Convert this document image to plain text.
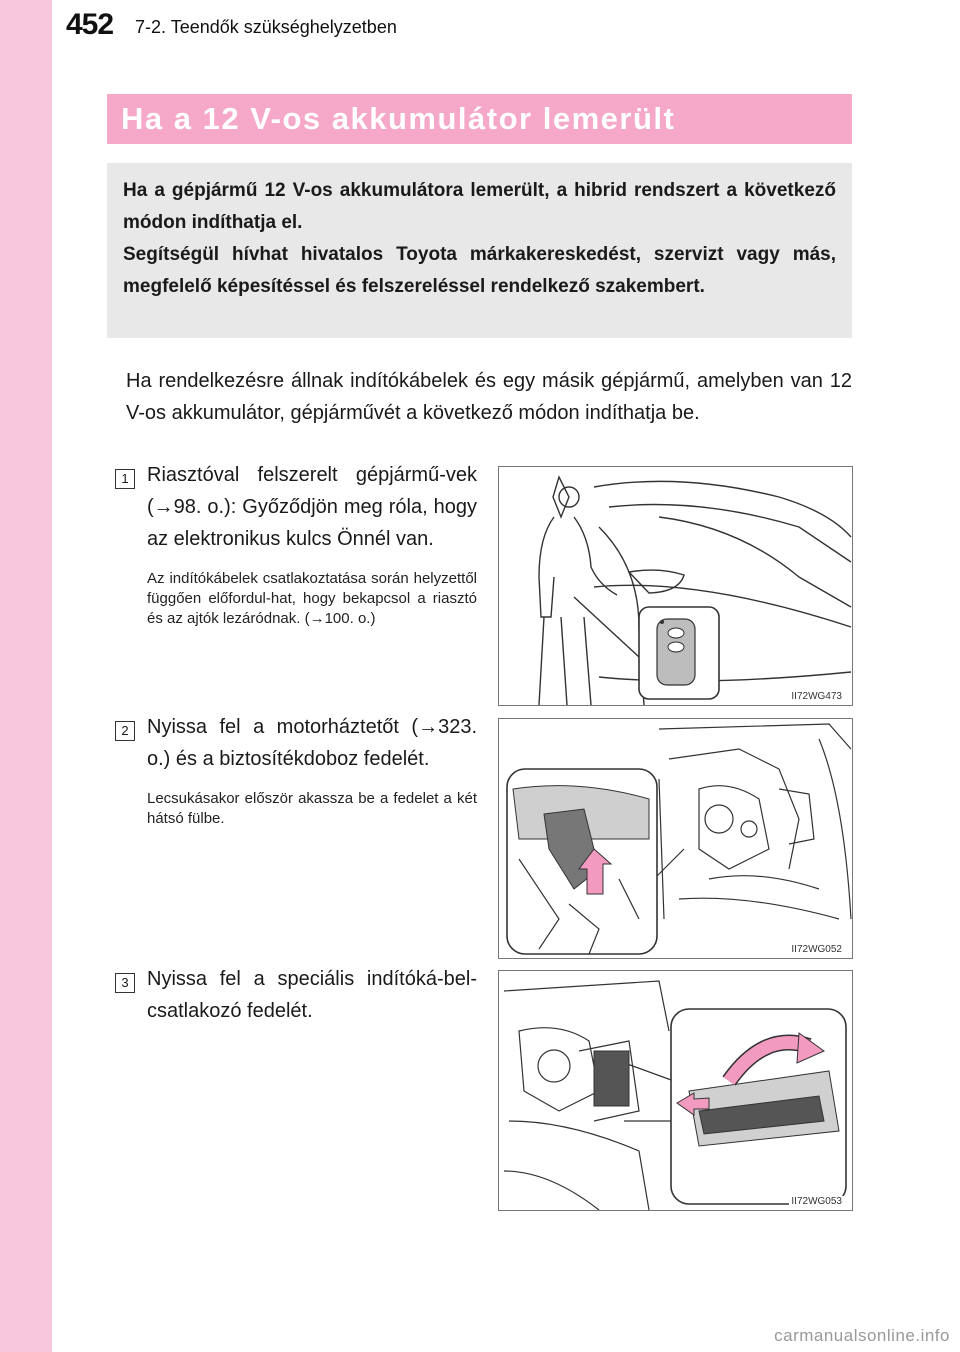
452 7-2. Teendők szükséghelyzetben
Ha a 12 V-os akkumulátor lemerült

Ha a gépjármű 12 V-os akkumulátora lemerült, a hibrid rendszert a következő módon indíthatja el.

Segítségül hívhat hivatalos Toyota márkakereskedést, szervizt vagy más, megfelelő képesítéssel és felszereléssel rendelkező szakembert.

Ha rendelkezésre állnak indítókábelek és egy másik gépjármű, amelyben van 12 V-os akkumulátor, gépjárművét a következő módon indíthatja be.

1 Riasztóval felszerelt gépjármű-vek (→98. o.): Győződjön meg róla, hogy az elektronikus kulcs Önnél van.

Az indítókábelek csatlakoztatása során helyzettől függően előfordul-hat, hogy bekapcsol a riasztó és az ajtók lezáródnak. (→100. o.)

II72WG473
2 Nyissa fel a motorháztetőt (→323. o.) és a biztosítékdoboz fedelét.

Lecsukásakor először akassza be a fedelet a két hátsó fülbe.

II72WG052
3 Nyissa fel a speciális indítóká-bel-csatlakozó fedelét.

II72WG053
carmanualsonline.info
